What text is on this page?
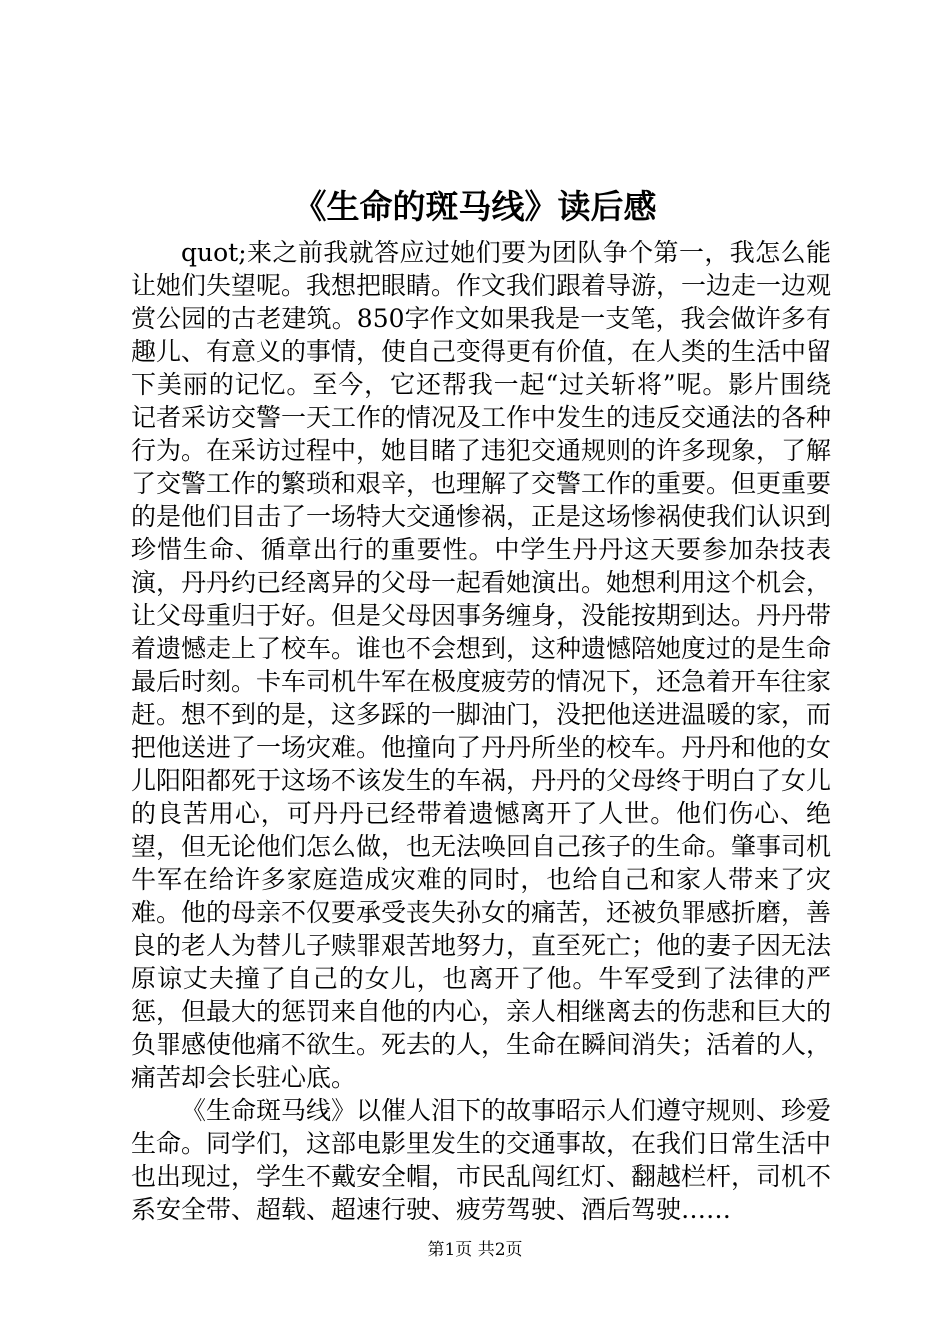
《生命的斑马线》读后感

quot;来之前我就答应过她们要为团队争个第一，我怎么能让她们失望呢。我想把眼睛。作文我们跟着导游，一边走一边观赏公园的古老建筑。850字作文如果我是一支笔，我会做许多有趣儿、有意义的事情，使自己变得更有价值，在人类的生活中留下美丽的记忆。至今，它还帮我一起“过关斩将”呢。影片围绕记者采访交警一天工作的情况及工作中发生的违反交通法的各种行为。在采访过程中，她目睹了违犯交通规则的许多现象，了解了交警工作的繁琐和艰辛，也理解了交警工作的重要。但更重要的是他们目击了一场特大交通惨祸，正是这场惨祸使我们认识到珍惜生命、循章出行的重要性。中学生丹丹这天要参加杂技表演，丹丹约已经离异的父母一起看她演出。她想利用这个机会，让父母重归于好。但是父母因事务缠身，没能按期到达。丹丹带着遗憾走上了校车。谁也不会想到，这种遗憾陪她度过的是生命最后时刻。卡车司机牛军在极度疲劳的情况下，还急着开车往家赶。想不到的是，这多踩的一脚油门，没把他送进温暖的家，而把他送进了一场灾难。他撞向了丹丹所坐的校车。丹丹和他的女儿阳阳都死于这场不该发生的车祸，丹丹的父母终于明白了女儿的良苦用心，可丹丹已经带着遗憾离开了人世。他们伤心、绝望，但无论他们怎么做，也无法唤回自己孩子的生命。肇事司机牛军在给许多家庭造成灾难的同时，也给自己和家人带来了灾难。他的母亲不仅要承受丧失孙女的痛苦，还被负罪感折磨，善良的老人为替儿子赎罪艰苦地努力，直至死亡；他的妻子因无法原谅丈夫撞了自己的女儿，也离开了他。牛军受到了法律的严惩，但最大的惩罚来自他的内心，亲人相继离去的伤悲和巨大的负罪感使他痛不欲生。死去的人，生命在瞬间消失；活着的人，痛苦却会长驻心底。

《生命斑马线》以催人泪下的故事昭示人们遵守规则、珍爱生命。同学们，这部电影里发生的交通事故，在我们日常生活中也出现过，学生不戴安全帽，市民乱闯红灯、翻越栏杆，司机不系安全带、超载、超速行驶、疲劳驾驶、酒后驾驶……

第1页 共2页
